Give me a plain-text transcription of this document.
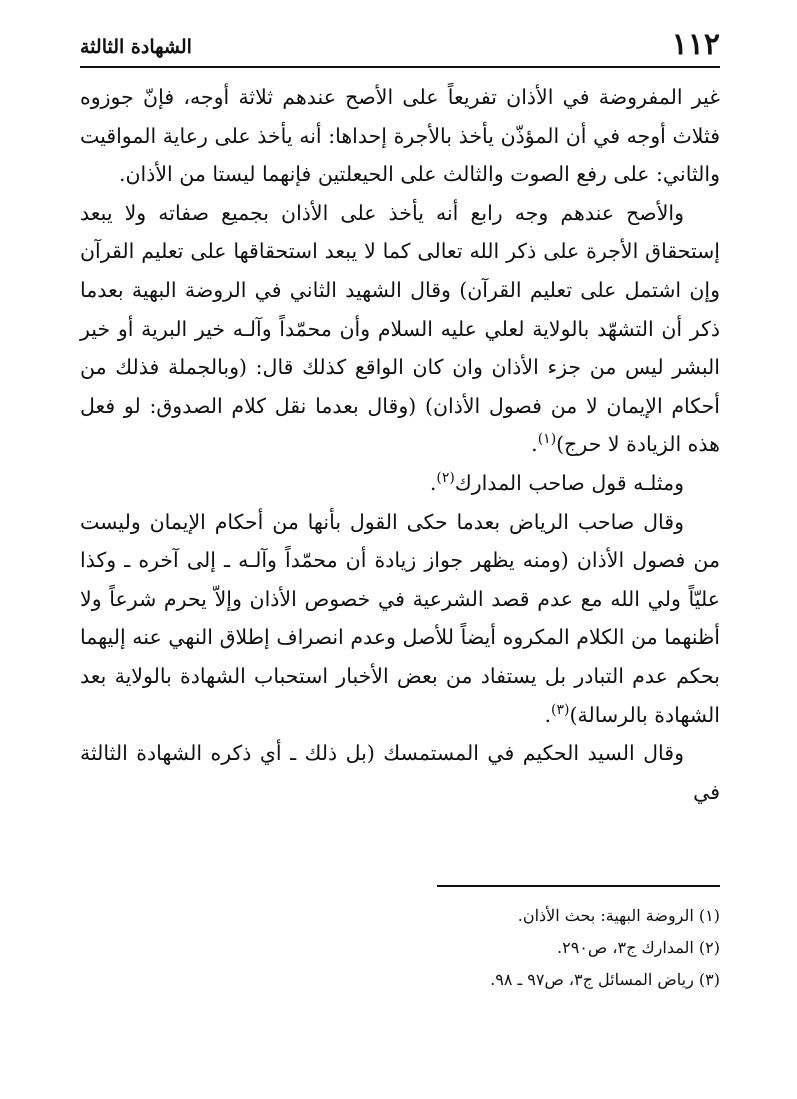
١١٢
الشهادة الثالثة

غير المفروضة في الأذان تفريعاً على الأصح عندهم ثلاثة أوجه، فإنّ جوزوه فثلاث أوجه في أن المؤذّن يأخذ بالأجرة إحداها: أنه يأخذ على رعاية المواقيت والثاني: على رفع الصوت والثالث على الحيعلتين فإنهما ليستا من الأذان.

والأصح عندهم وجه رابع أنه يأخذ على الأذان بجميع صفاته ولا يبعد إستحقاق الأجرة على ذكر الله تعالى كما لا يبعد استحقاقها على تعليم القرآن وإن اشتمل على تعليم القرآن) وقال الشهيد الثاني في الروضة البهية بعدما ذكر أن التشهّد بالولاية لعلي عليه السلام وأن محمّداً وآلـه خير البرية أو خير البشر ليس من جزء الأذان وان كان الواقع كذلك قال: (وبالجملة فذلك من أحكام الإيمان لا من فصول الأذان) (وقال بعدما نقل كلام الصدوق: لو فعل هذه الزيادة لا حرج)$^{(١)}$.

ومثلـه قول صاحب المدارك$^{(٢)}$.

وقال صاحب الرياض بعدما حكى القول بأنها من أحكام الإيمان وليست من فصول الأذان (ومنه يظهر جواز زيادة أن محمّداً وآلـه ـ إلى آخره ـ وكذا عليّاً ولي الله مع عدم قصد الشرعية في خصوص الأذان وإلاّ يحرم شرعاً ولا أظنهما من الكلام المكروه أيضاً للأصل وعدم انصراف إطلاق النهي عنه إليهما بحكم عدم التبادر بل يستفاد من بعض الأخبار استحباب الشهادة بالولاية بعد الشهادة بالرسالة)$^{(٣)}$.

وقال السيد الحكيم في المستمسك (بل ذلك ـ أي ذكره الشهادة الثالثة في

(١) الروضة البهية: بحث الأذان.

(٢) المدارك ج٣، ص٢٩٠.

(٣) رياض المسائل ج٣، ص٩٧ ـ ٩٨.
